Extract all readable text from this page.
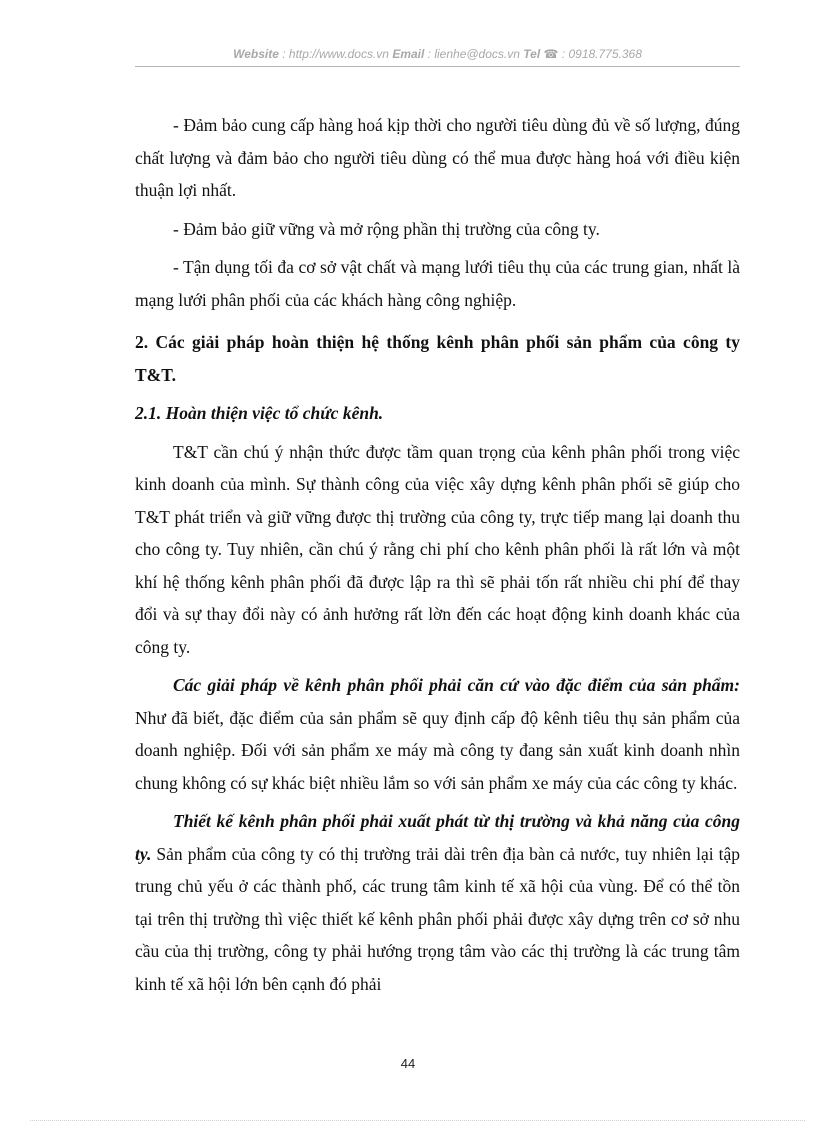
Website : http://www.docs.vn Email : lienhe@docs.vn Tel ☎ : 0918.775.368

- Đảm bảo cung cấp hàng hoá kịp thời cho người tiêu dùng đủ về số lượng, đúng chất lượng và đảm bảo cho người tiêu dùng có thể mua được hàng hoá với điều kiện thuận lợi nhất.

- Đảm bảo giữ vững và mở rộng phần thị trường của công ty.

- Tận dụng tối đa cơ sở vật chất và mạng lưới tiêu thụ của các trung gian, nhất là mạng lưới phân phối của các khách hàng công nghiệp.

2. Các giải pháp hoàn thiện hệ thống kênh phân phối sản phẩm của công ty T&T.

2.1. Hoàn thiện việc tổ chức kênh.

T&T cần chú ý nhận thức được tầm quan trọng của kênh phân phối trong việc kinh doanh của mình. Sự thành công của việc xây dựng kênh phân phối sẽ giúp cho T&T phát triển và giữ vững được thị trường của công ty, trực tiếp mang lại doanh thu cho công ty. Tuy nhiên, cần chú ý rằng chi phí cho kênh phân phối là rất lớn và một khí hệ thống kênh phân phối đã được lập ra thì sẽ phải tốn rất nhiều chi phí để thay đổi và sự thay đổi này có ảnh hưởng rất lờn đến các hoạt động kinh doanh khác của công ty.

Các giải pháp về kênh phân phối phải căn cứ vào đặc điểm của sản phẩm: Như đã biết, đặc điểm của sản phẩm sẽ quy định cấp độ kênh tiêu thụ sản phẩm của doanh nghiệp. Đối với sản phẩm xe máy mà công ty đang sản xuất kinh doanh nhìn chung không có sự khác biệt nhiều lắm so với sản phẩm xe máy của các công ty khác.

Thiết kế kênh phân phối phải xuất phát từ thị trường và khả năng của công ty. Sản phẩm của công ty có thị trường trải dài trên địa bàn cả nước, tuy nhiên lại tập trung chủ yếu ở các thành phố, các trung tâm kinh tế xã hội của vùng. Để có thể tồn tại trên thị trường thì việc thiết kế kênh phân phối phải được xây dựng trên cơ sở nhu cầu của thị trường, công ty phải hướng trọng tâm vào các thị trường là các trung tâm kinh tế xã hội lớn bên cạnh đó phải

44
